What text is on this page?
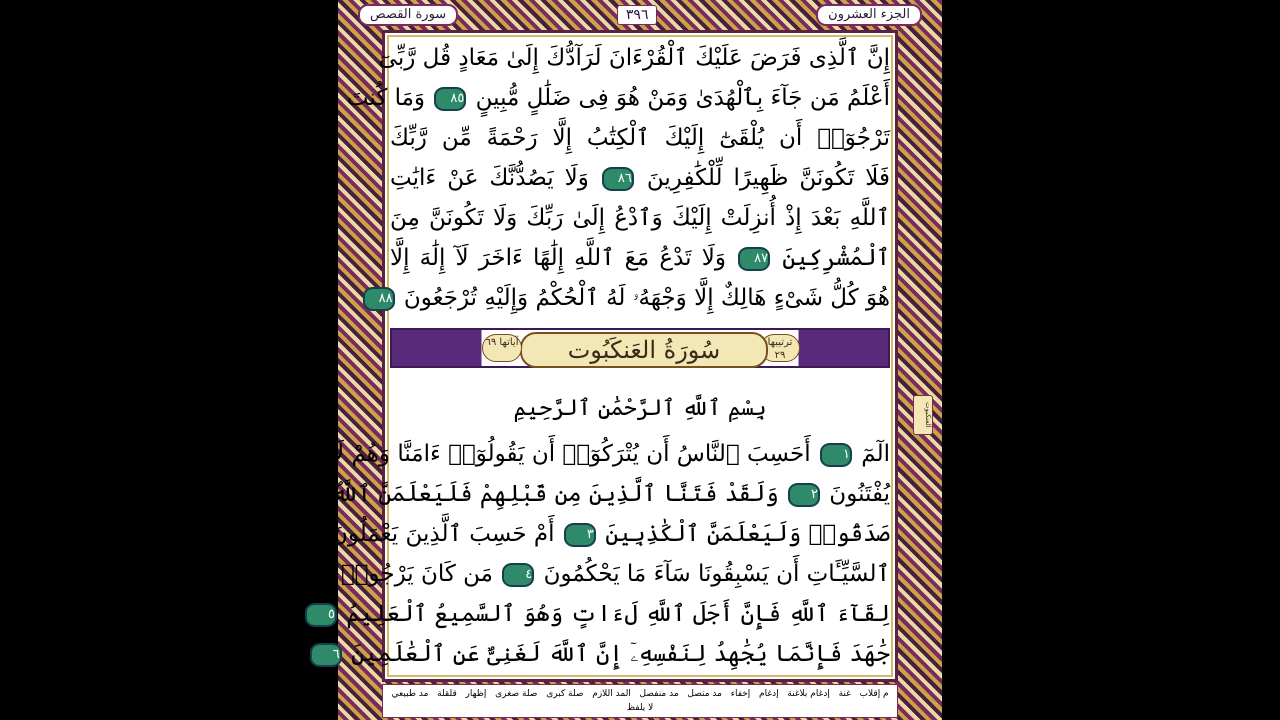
الجزء العشرون
٣٩٦
سورة القصص
إِنَّ ٱلَّذِى فَرَضَ عَلَيْكَ ٱلْقُرْءَانَ لَرَآدُّكَ إِلَىٰ مَعَادٍ قُل رَّبِّىٓ
أَعْلَمُ مَن جَآءَ بِٱلْهُدَىٰ وَمَنْ هُوَ فِى ضَلَٰلٍ مُّبِينٍ ٨٥ وَمَا كُنتَ
تَرْجُوٓا۟ أَن يُلْقَىٰٓ إِلَيْكَ ٱلْكِتَٰبُ إِلَّا رَحْمَةً مِّن رَّبِّكَ
فَلَا تَكُونَنَّ ظَهِيرًا لِّلْكَٰفِرِينَ ٨٦ وَلَا يَصُدُّنَّكَ عَنْ ءَايَٰتِ
ٱللَّهِ بَعْدَ إِذْ أُنزِلَتْ إِلَيْكَ وَٱدْعُ إِلَىٰ رَبِّكَ وَلَا تَكُونَنَّ مِنَ
ٱلْمُشْرِكِينَ ٨٧ وَلَا تَدْعُ مَعَ ٱللَّهِ إِلَٰهًا ءَاخَرَ لَآ إِلَٰهَ إِلَّا
هُوَ كُلُّ شَىْءٍ هَالِكٌ إِلَّا وَجْهَهُۥ لَهُ ٱلْحُكْمُ وَإِلَيْهِ تُرْجَعُونَ ٨٨
ترتيبها ٢٩
سُورَةُ العَنكَبُوت
آياتها ٦٩
بِسْمِ ٱللَّهِ ٱلرَّحْمَٰنِ ٱلرَّحِيمِ
الٓمٓ ١ أَحَسِبَ ٱلنَّاسُ أَن يُتْرَكُوٓا۟ أَن يَقُولُوٓا۟ ءَامَنَّا وَهُمْ لَا
يُفْتَنُونَ ٢ وَلَقَدْ فَتَنَّا ٱلَّذِينَ مِن قَبْلِهِمْ فَلَيَعْلَمَنَّ ٱللَّهُ ٱلَّذِينَ
صَدَقُوا۟ وَلَيَعْلَمَنَّ ٱلْكَٰذِبِينَ ٣ أَمْ حَسِبَ ٱلَّذِينَ يَعْمَلُونَ
ٱلسَّيِّـَٔاتِ أَن يَسْبِقُونَا سَآءَ مَا يَحْكُمُونَ ٤ مَن كَانَ يَرْجُوا۟
لِقَآءَ ٱللَّهِ فَإِنَّ أَجَلَ ٱللَّهِ لَءَاتٍ وَهُوَ ٱلسَّمِيعُ ٱلْعَلِيمُ ٥ وَمَن
جَٰهَدَ فَإِنَّمَا يُجَٰهِدُ لِنَفْسِهِۦٓ إِنَّ ٱللَّهَ لَغَنِىٌّ عَنِ ٱلْعَٰلَمِينَ ٦
العنكبوت
م إقلاب
غنة
إدغام بلاغنة
إدغام
إخفاء
مد متصل
مد منفصل
المد اللازم
صلة كبرى
صلة صغرى
إظهار
قلقلة
مد طبيعي
لا يلفظ
